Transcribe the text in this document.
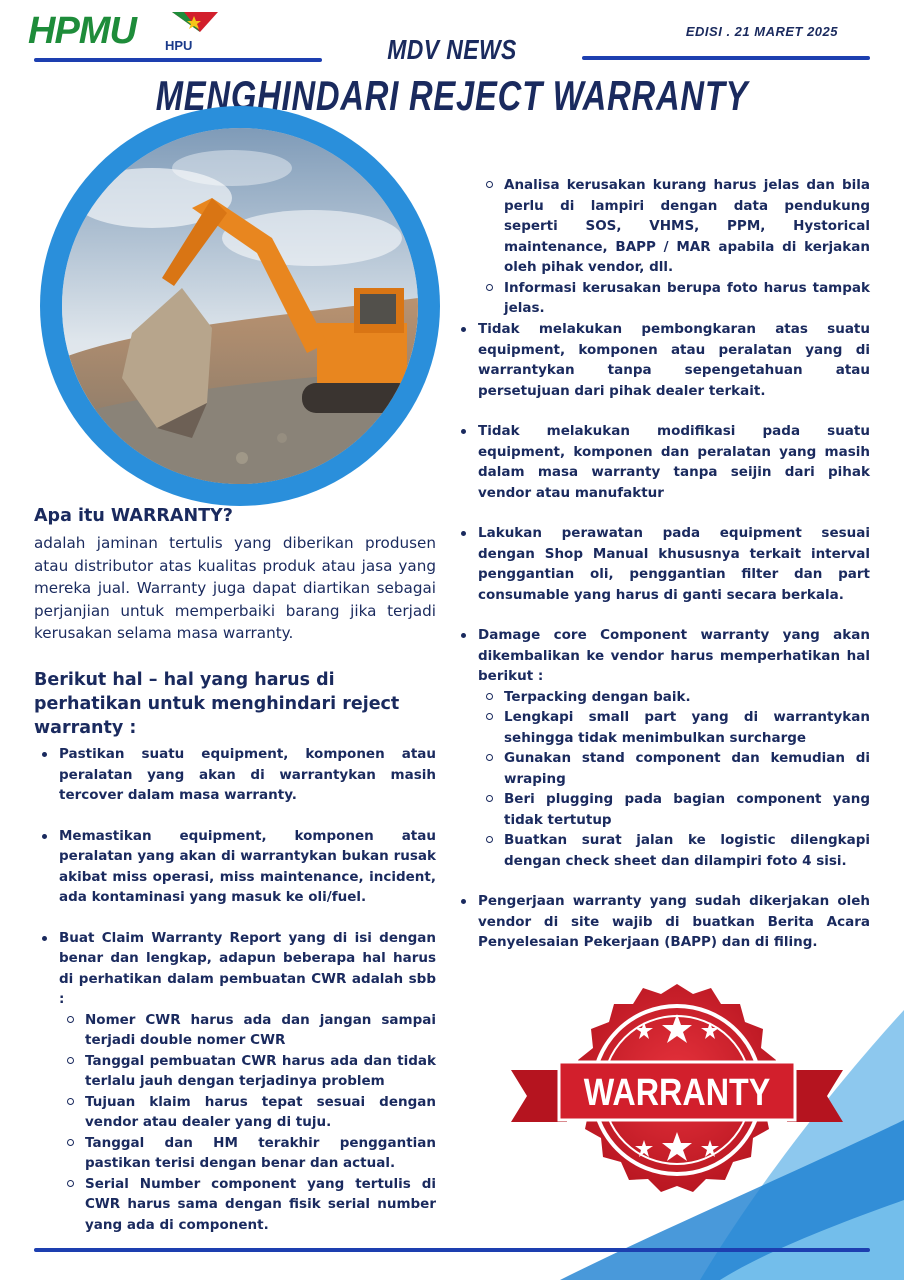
HPMU HPU
EDISI . 21 MARET 2025
MDV NEWS
MENGHINDARI REJECT WARRANTY
Apa itu WARRANTY?
adalah jaminan tertulis yang diberikan produsen atau distributor atas kualitas produk atau jasa yang mereka jual. Warranty juga dapat diartikan sebagai perjanjian untuk memperbaiki barang jika terjadi kerusakan selama masa warranty.
Berikut hal – hal yang harus di perhatikan untuk menghindari reject warranty :
Pastikan suatu equipment, komponen atau peralatan yang akan di warrantykan masih tercover dalam masa warranty.
Memastikan equipment, komponen atau peralatan yang akan di warrantykan bukan rusak akibat miss operasi, miss maintenance, incident, ada kontaminasi yang masuk ke oli/fuel.
Buat Claim Warranty Report yang di isi dengan benar dan lengkap, adapun beberapa hal harus di perhatikan dalam pembuatan CWR adalah sbb :
Nomer CWR harus ada dan jangan sampai terjadi double nomer CWR
Tanggal pembuatan CWR harus ada dan tidak terlalu jauh dengan terjadinya problem
Tujuan klaim harus tepat sesuai dengan vendor atau dealer yang di tuju.
Tanggal dan HM terakhir penggantian pastikan terisi dengan benar dan actual.
Serial Number component yang tertulis di CWR harus sama dengan fisik serial number yang ada di component.
Analisa kerusakan kurang harus jelas dan bila perlu di lampiri dengan data pendukung seperti SOS, VHMS, PPM, Hystorical maintenance, BAPP / MAR apabila di kerjakan oleh pihak vendor, dll.
Informasi kerusakan berupa foto harus tampak jelas.
Tidak melakukan pembongkaran atas suatu equipment, komponen atau peralatan yang di warrantykan tanpa sepengetahuan atau persetujuan dari pihak dealer terkait.
Tidak melakukan modifikasi pada suatu equipment, komponen dan peralatan yang masih dalam masa warranty tanpa seijin dari pihak vendor atau manufaktur
Lakukan perawatan pada equipment sesuai dengan Shop Manual khususnya terkait interval penggantian oli, penggantian filter dan part consumable yang harus di ganti secara berkala.
Damage core Component warranty yang akan dikembalikan ke vendor harus memperhatikan hal berikut :
Terpacking dengan baik.
Lengkapi small part yang di warrantykan sehingga tidak menimbulkan surcharge
Gunakan stand component dan kemudian di wraping
Beri plugging pada bagian component yang tidak tertutup
Buatkan surat jalan ke logistic dilengkapi dengan check sheet dan dilampiri foto 4 sisi.
Pengerjaan warranty yang sudah dikerjakan oleh vendor di site wajib di buatkan Berita Acara Penyelesaian Pekerjaan (BAPP) dan di filing.
WARRANTY
